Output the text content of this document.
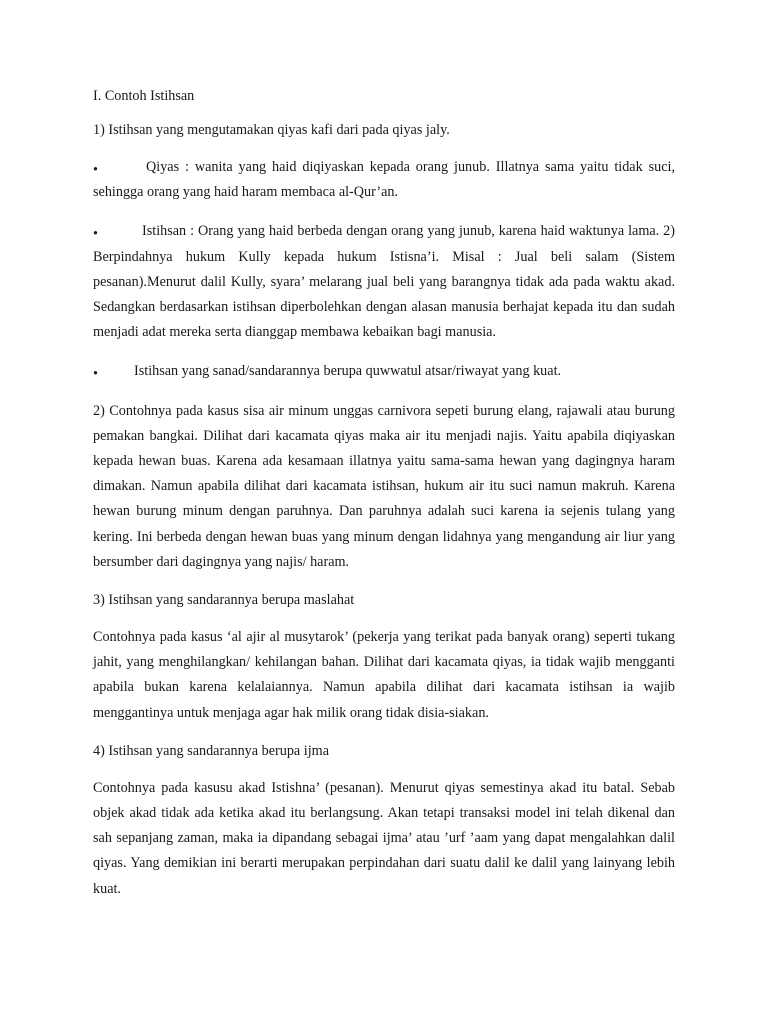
I. Contoh Istihsan

1) Istihsan yang mengutamakan qiyas kafi dari pada qiyas jaly.

•	Qiyas : wanita yang haid diqiyaskan kepada orang junub. Illatnya sama yaitu tidak suci, sehingga orang yang haid haram membaca al-Qur’an.

•	Istihsan : Orang yang haid berbeda dengan orang yang junub, karena haid waktunya lama. 2) Berpindahnya hukum Kully kepada hukum Istisna’i. Misal : Jual beli salam (Sistem pesanan).Menurut dalil Kully, syara’ melarang jual beli yang barangnya tidak ada pada waktu akad. Sedangkan berdasarkan istihsan diperbolehkan dengan alasan manusia berhajat kepada itu dan sudah menjadi adat mereka serta dianggap membawa kebaikan bagi manusia.

•	Istihsan yang sanad/sandarannya berupa quwwatul atsar/riwayat yang kuat.

2) Contohnya pada kasus sisa air minum unggas carnivora sepeti burung elang, rajawali atau burung pemakan bangkai. Dilihat dari kacamata qiyas maka air itu menjadi najis. Yaitu apabila diqiyaskan kepada hewan buas. Karena ada kesamaan illatnya yaitu sama-sama hewan yang dagingnya haram dimakan. Namun apabila dilihat dari kacamata istihsan, hukum air itu suci namun makruh. Karena hewan burung minum dengan paruhnya. Dan paruhnya adalah suci karena ia sejenis tulang yang kering. Ini berbeda dengan hewan buas yang minum dengan lidahnya yang mengandung air liur yang bersumber dari dagingnya yang najis/ haram.

3) Istihsan yang sandarannya berupa maslahat

Contohnya pada kasus ‘al ajir al musytarok’ (pekerja yang terikat pada banyak orang) seperti tukang jahit, yang menghilangkan/ kehilangan bahan. Dilihat dari kacamata qiyas, ia tidak wajib mengganti apabila bukan karena kelalaiannya. Namun apabila dilihat dari kacamata istihsan ia wajib menggantinya untuk menjaga agar hak milik orang tidak disia-siakan.

4) Istihsan yang sandarannya berupa ijma

Contohnya pada kasusu akad Istishna’ (pesanan). Menurut qiyas semestinya akad itu batal. Sebab objek akad tidak ada ketika akad itu berlangsung. Akan tetapi transaksi model ini telah dikenal dan sah sepanjang zaman, maka ia dipandang sebagai ijma’ atau ’urf ’aam yang dapat mengalahkan dalil qiyas. Yang demikian ini berarti merupakan perpindahan dari suatu dalil ke dalil yang lainyang lebih kuat.
